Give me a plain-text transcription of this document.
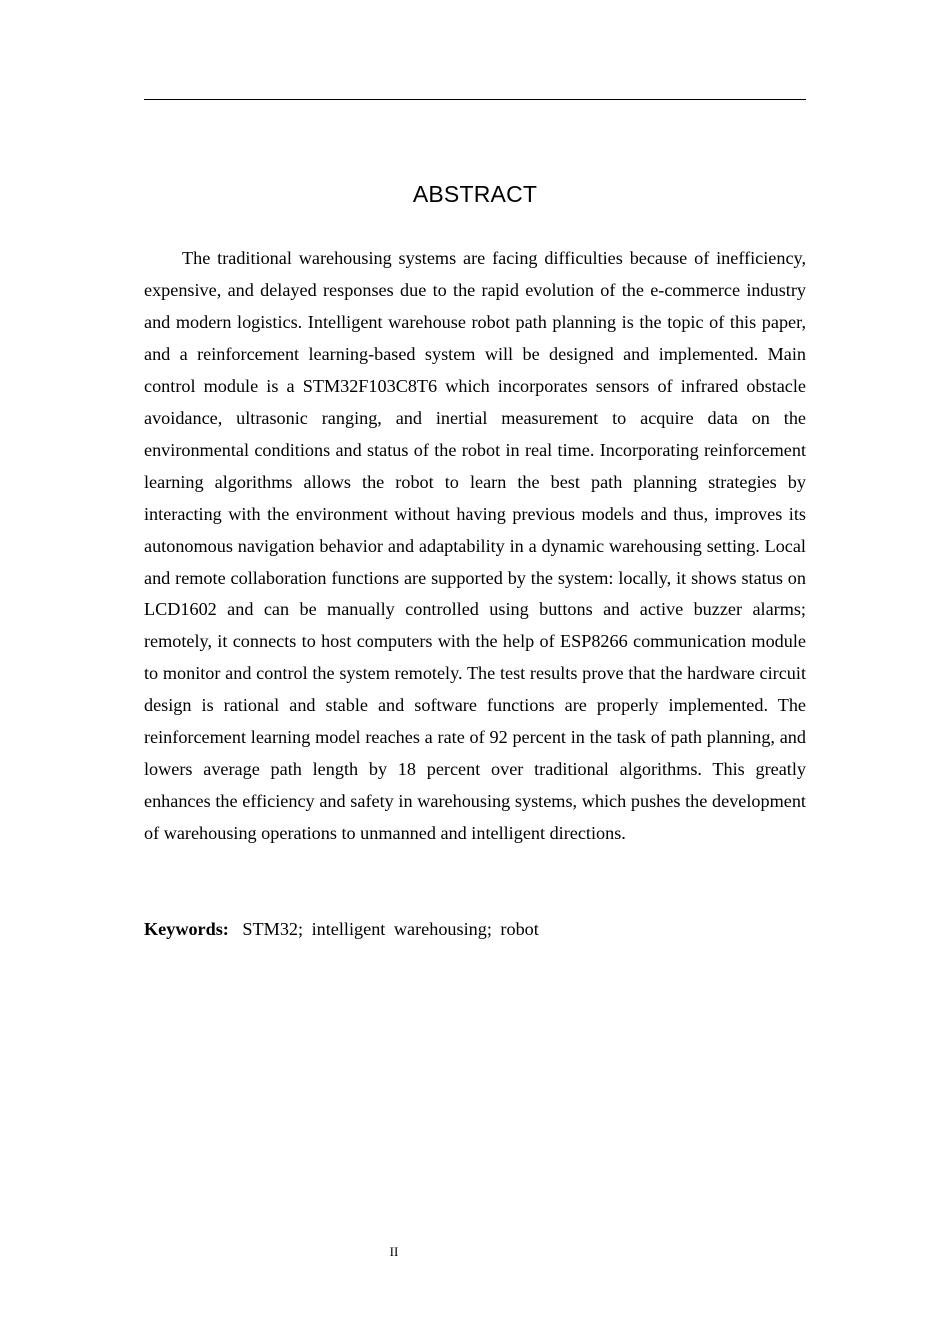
ABSTRACT

The traditional warehousing systems are facing difficulties because of inefficiency, expensive, and delayed responses due to the rapid evolution of the e-commerce industry and modern logistics. Intelligent warehouse robot path planning is the topic of this paper, and a reinforcement learning-based system will be designed and implemented. Main control module is a STM32F103C8T6 which incorporates sensors of infrared obstacle avoidance, ultrasonic ranging, and inertial measurement to acquire data on the environmental conditions and status of the robot in real time. Incorporating reinforcement learning algorithms allows the robot to learn the best path planning strategies by interacting with the environment without having previous models and thus, improves its autonomous navigation behavior and adaptability in a dynamic warehousing setting. Local and remote collaboration functions are supported by the system: locally, it shows status on LCD1602 and can be manually controlled using buttons and active buzzer alarms; remotely, it connects to host computers with the help of ESP8266 communication module to monitor and control the system remotely. The test results prove that the hardware circuit design is rational and stable and software functions are properly implemented. The reinforcement learning model reaches a rate of 92 percent in the task of path planning, and lowers average path length by 18 percent over traditional algorithms. This greatly enhances the efficiency and safety in warehousing systems, which pushes the development of warehousing operations to unmanned and intelligent directions.

Keywords: STM32; intelligent warehousing; robot
II
